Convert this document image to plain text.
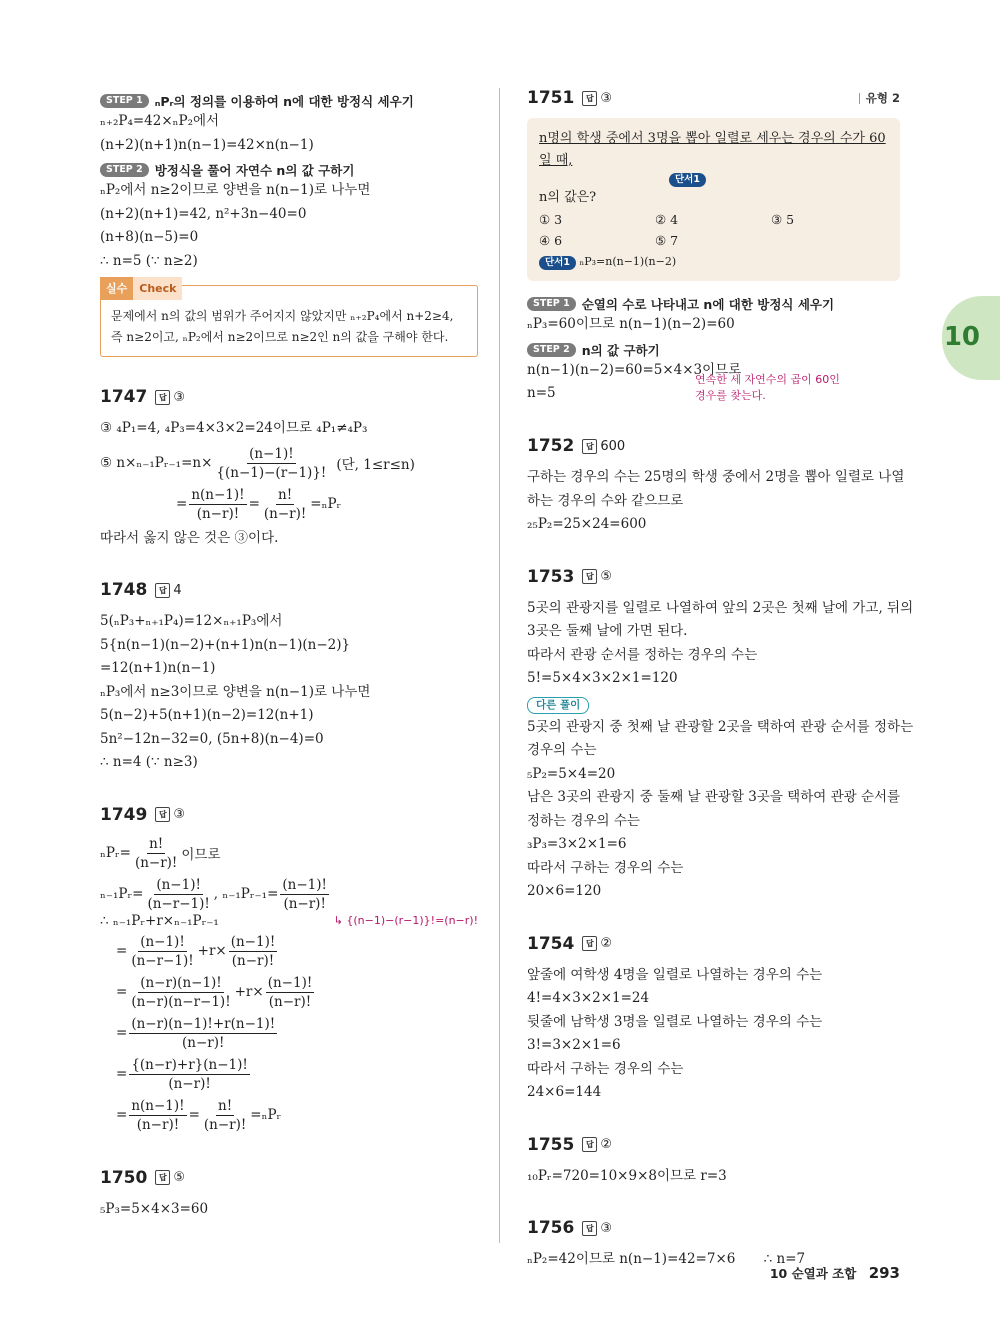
10
STEP 1 ₙPᵣ의 정의를 이용하여 n에 대한 방정식 세우기
ₙ₊₂P₄=42×ₙP₂에서
(n+2)(n+1)n(n−1)=42×n(n−1)
STEP 2 방정식을 풀어 자연수 n의 값 구하기
ₙP₂에서 n≥2이므로 양변을 n(n−1)로 나누면
(n+2)(n+1)=42, n²+3n−40=0
(n+8)(n−5)=0
∴ n=5 (∵ n≥2)
실수	Check
문제에서 n의 값의 범위가 주어지지 않았지만 ₙ₊₂P₄에서 n+2≥4,
즉 n≥2이고, ₙP₂에서 n≥2이므로 n≥2인 n의 값을 구해야 한다.
1747	답 ③
③ ₄P₁=4, ₄P₃=4×3×2=24이므로 ₄P₁≠₄P₃
⑤ n×ₙ₋₁Pᵣ₋₁=n× $\frac{(n-1)!}{\{(n-1)-(r-1)\}!}$ (단, 1≤r≤n)
= $\frac{n(n-1)!}{(n-r)!} = \frac{n!}{(n-r)!}$ =ₙPᵣ
따라서 옳지 않은 것은 ③이다.
1748	답 4
5(ₙP₃+ₙ₊₁P₄)=12×ₙ₊₁P₃에서
5{n(n−1)(n−2)+(n+1)n(n−1)(n−2)}
=12(n+1)n(n−1)
ₙP₃에서 n≥3이므로 양변을 n(n−1)로 나누면
5(n−2)+5(n+1)(n−2)=12(n+1)
5n²−12n−32=0, (5n+8)(n−4)=0
∴ n=4 (∵ n≥3)
1749	답 ③
ₙPᵣ= $\frac{n!}{(n-r)!}$ 이므로
ₙ₋₁Pᵣ= $\frac{(n-1)!}{(n-r-1)!}$ , ₙ₋₁Pᵣ₋₁= $\frac{(n-1)!}{(n-r)!}$
∴ ₙ₋₁Pᵣ+r×ₙ₋₁Pᵣ₋₁	↳ {(n−1)−(r−1)}!=(n−r)!
= $\frac{(n-1)!}{(n-r-1)!} +r\times \frac{(n-1)!}{(n-r)!}$
= $\frac{(n-r)(n-1)!}{(n-r)(n-r-1)!} +r\times \frac{(n-1)!}{(n-r)!}$
= $\frac{(n-r)(n-1)!+r(n-1)!}{(n-r)!}$
= $\frac{\{(n-r)+r\}(n-1)!}{(n-r)!}$
= $\frac{n(n-1)!}{(n-r)!} = \frac{n!}{(n-r)!}$ =ₙPᵣ
1750	답 ⑤
₅P₃=5×4×3=60
1751	답 ③	유형 2
n명의 학생 중에서 3명을 뽑아 일렬로 세우는 경우의 수가 60일 때,
단서1
n의 값은?
① 3	② 4	③ 5
④ 6	⑤ 7
단서1 ₙP₃=n(n−1)(n−2)
STEP 1 순열의 수로 나타내고 n에 대한 방정식 세우기
ₙP₃=60이므로 n(n−1)(n−2)=60
STEP 2 n의 값 구하기
n(n−1)(n−2)=60=5×4×3이므로
n=5
연속한 세 자연수의 곱이 60인
경우를 찾는다.
1752	답 600
구하는 경우의 수는 25명의 학생 중에서 2명을 뽑아 일렬로 나열
하는 경우의 수와 같으므로
₂₅P₂=25×24=600
1753	답 ⑤
5곳의 관광지를 일렬로 나열하여 앞의 2곳은 첫째 날에 가고, 뒤의
3곳은 둘째 날에 가면 된다.
따라서 관광 순서를 정하는 경우의 수는
5!=5×4×3×2×1=120
다른 풀이
5곳의 관광지 중 첫째 날 관광할 2곳을 택하여 관광 순서를 정하는
경우의 수는
₅P₂=5×4=20
남은 3곳의 관광지 중 둘째 날 관광할 3곳을 택하여 관광 순서를
정하는 경우의 수는
₃P₃=3×2×1=6
따라서 구하는 경우의 수는
20×6=120
1754	답 ②
앞줄에 여학생 4명을 일렬로 나열하는 경우의 수는
4!=4×3×2×1=24
뒷줄에 남학생 3명을 일렬로 나열하는 경우의 수는
3!=3×2×1=6
따라서 구하는 경우의 수는
24×6=144
1755	답 ②
₁₀Pᵣ=720=10×9×8이므로 r=3
1756	답 ③
ₙP₂=42이므로 n(n−1)=42=7×6 ∴ n=7
10 순열과 조합 293
